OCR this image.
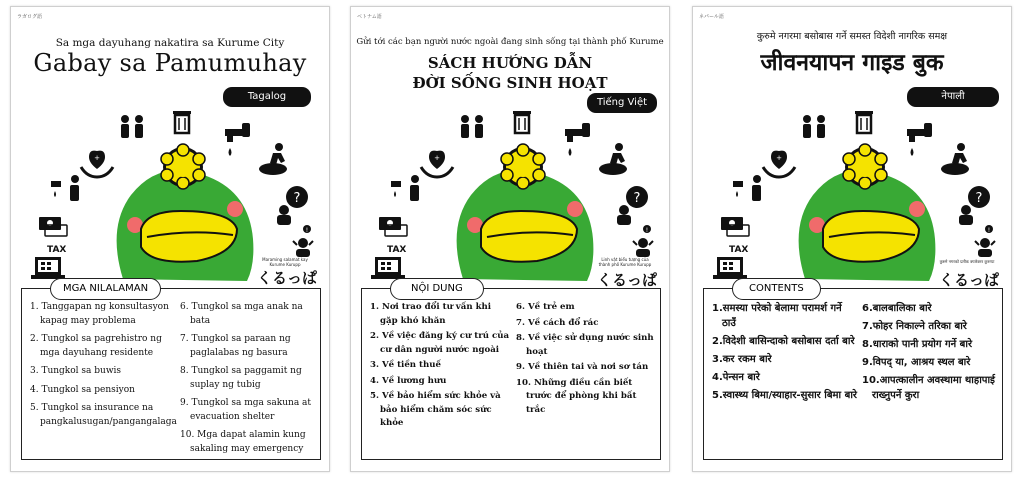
ラガログ語
Sa mga dayuhang nakatira sa Kurume City
Gabay sa Pamumuhay
Tagalog
+
?
TAX
!
Maraming salamat kay Kurume Kurupp
くるっぱ
MGA NILALAMAN
1. Tanggapan ng konsultasyon kapag may problema
2. Tungkol sa pagrehistro ng mga dayuhang residente
3. Tungkol sa buwis
4. Tungkol sa pensiyon
5. Tungkol sa insurance na pangkalusugan/pangangalaga
6. Tungkol sa mga anak na bata
7. Tungkol sa paraan ng paglalabas ng basura
8. Tungkol sa paggamit ng suplay ng tubig
9. Tungkol sa mga sakuna at evacuation shelter
10. Mga dapat alamin kung sakaling may emergency
ベトナム語
Gửi tới các bạn người nước ngoài đang sinh sống tại thành phố Kurume
SÁCH HƯỚNG DẪN
ĐỜI SỐNG SINH HOẠT
Tiếng Việt
+
?
TAX
!
Linh vật biểu tượng của thành phố Kurume Kurupp
くるっぱ
NỘI DUNG
1. Nơi trao đổi tư vấn khi gặp khó khăn
2. Về việc đăng ký cư trú của cư dân người nước ngoài
3. Về tiền thuế
4. Về lương hưu
5. Về bảo hiểm sức khỏe và bảo hiểm chăm sóc sức khỏe
6. Về trẻ em
7. Về cách đổ rác
8. Về việc sử dụng nước sinh hoạt
9. Về thiên tai và nơi sơ tán
10. Những điều cần biết trước để phòng khi bất trắc
ネパール語
कुरुमे नगरमा बसोबास गर्ने समस्त विदेशी नागरिक समक्ष
जीवनयापन गाइड बुक
नेपाली
+
?
TAX
!
कुरुमे नगरको प्रतीक क्यारेक्टर कुरुप्पा
くるっぱ
CONTENTS
1.समस्या परेको बेलामा परामर्श गर्ने ठाउँ
2.विदेशी बासिन्दाको बसोबास दर्ता बारे
3.कर रकम बारे
4.पेन्सन बारे
5.स्वास्थ्य बिमा/स्याहार-सुसार बिमा बारे
6.बालबालिका बारे
7.फोहर निकाल्ने तरिका बारे
8.धाराको पानी प्रयोग गर्ने बारे
9.विपद् या, आश्रय स्थल बारे
10.आपत्कालीन अवस्थामा थाहापाई राख्नुपर्ने कुरा
